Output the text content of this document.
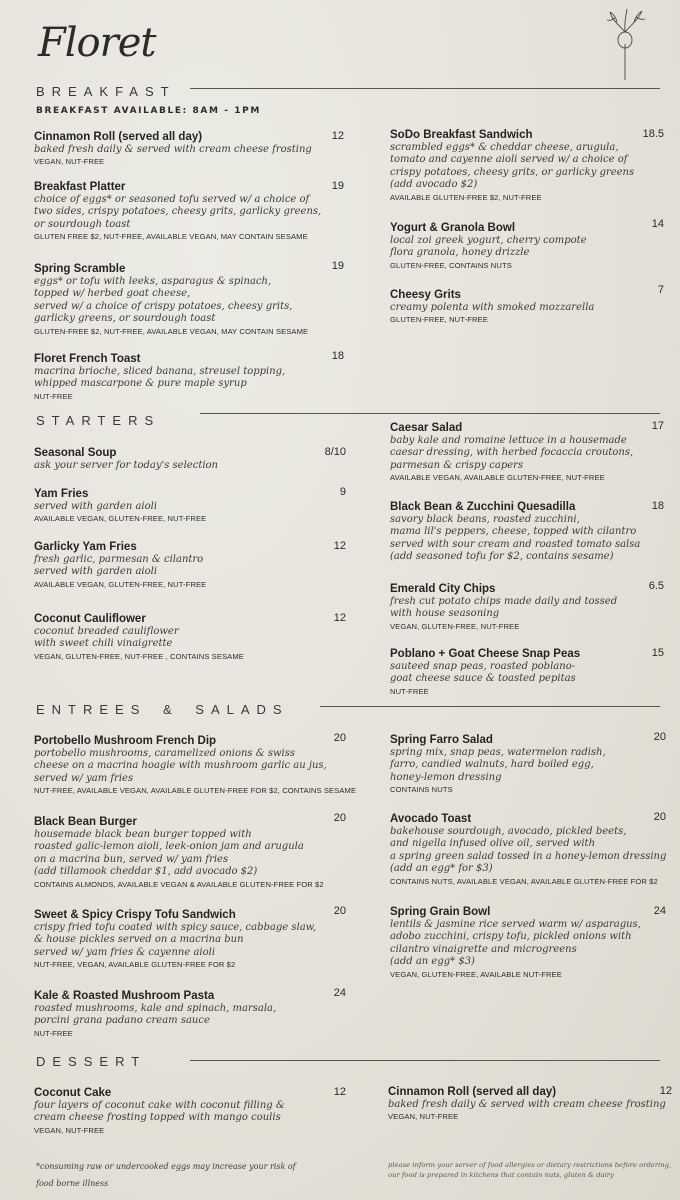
Floret
BREAKFAST
BREAKFAST AVAILABLE: 8AM - 1PM
Cinnamon Roll (served all day)
baked fresh daily & served with cream cheese frosting
VEGAN, NUT-FREE
12
Breakfast Platter
choice of eggs* or seasoned tofu served w/ a choice of
two sides, crispy potatoes, cheesy grits, garlicky greens,
or sourdough toast
GLUTEN FREE $2, NUT-FREE, AVAILABLE VEGAN, MAY CONTAIN SESAME
19
Spring Scramble
eggs* or tofu with leeks, asparagus & spinach,
topped w/ herbed goat cheese,
served w/ a choice of crispy potatoes, cheesy grits,
garlicky greens, or sourdough toast
GLUTEN-FREE $2, NUT-FREE, AVAILABLE VEGAN, MAY CONTAIN SESAME
19
Floret French Toast
macrina brioche, sliced banana, streusel topping,
whipped mascarpone & pure maple syrup
NUT-FREE
18
SoDo Breakfast Sandwich
scrambled eggs* & cheddar cheese, arugula,
tomato and cayenne aioli served w/ a choice of
crispy potatoes, cheesy grits, or garlicky greens
(add avocado $2)
AVAILABLE GLUTEN-FREE $2, NUT-FREE
18.5
Yogurt & Granola Bowl
local zoi greek yogurt, cherry compote
flora granola, honey drizzle
GLUTEN-FREE, CONTAINS NUTS
14
Cheesy Grits
creamy polenta with smoked mozzarella
GLUTEN-FREE, NUT-FREE
7
STARTERS
Seasonal Soup
ask your server for today's selection
8/10
Yam Fries
served with garden aioli
AVAILABLE VEGAN, GLUTEN-FREE, NUT-FREE
9
Garlicky Yam Fries
fresh garlic, parmesan & cilantro
served with garden aioli
AVAILABLE VEGAN, GLUTEN-FREE, NUT-FREE
12
Coconut Cauliflower
coconut breaded cauliflower
with sweet chili vinaigrette
VEGAN, GLUTEN-FREE, NUT-FREE , CONTAINS SESAME
12
Caesar Salad
baby kale and romaine lettuce in a housemade
caesar dressing, with herbed focaccia croutons,
parmesan & crispy capers
AVAILABLE VEGAN, AVAILABLE GLUTEN-FREE, NUT-FREE
17
Black Bean & Zucchini Quesadilla
savory black beans, roasted zucchini,
mama lil's peppers, cheese, topped with cilantro
served with sour cream and roasted tomato salsa
(add seasoned tofu for $2, contains sesame)
18
Emerald City Chips
fresh cut potato chips made daily and tossed
with house seasoning
VEGAN, GLUTEN-FREE, NUT-FREE
6.5
Poblano + Goat Cheese Snap Peas
sauteed snap peas, roasted poblano-
goat cheese sauce & toasted pepitas
NUT-FREE
15
ENTREES & SALADS
Portobello Mushroom French Dip
portobello mushrooms, caramelized onions & swiss
cheese on a macrina hoagie with mushroom garlic au jus,
served w/ yam fries
NUT-FREE, AVAILABLE VEGAN, AVAILABLE GLUTEN-FREE FOR $2, CONTAINS SESAME
20
Black Bean Burger
housemade black bean burger topped with
roasted galic-lemon aioli, leek-onion jam and arugula
on a macrina bun, served w/ yam fries
(add tillamook cheddar $1, add avocado $2)
CONTAINS ALMONDS, AVAILABLE VEGAN & AVAILABLE GLUTEN-FREE FOR $2
20
Sweet & Spicy Crispy Tofu Sandwich
crispy fried tofu coated with spicy sauce, cabbage slaw,
& house pickles served on a macrina bun
served w/ yam fries & cayenne aioli
NUT-FREE, VEGAN, AVAILABLE GLUTEN-FREE FOR $2
20
Kale & Roasted Mushroom Pasta
roasted mushrooms, kale and spinach, marsala,
porcini grana padano cream sauce
NUT-FREE
24
Spring Farro Salad
spring mix, snap peas, watermelon radish,
farro, candied walnuts, hard boiled egg,
honey-lemon dressing
CONTAINS NUTS
20
Avocado Toast
bakehouse sourdough, avocado, pickled beets,
and nigella infused olive oil, served with
a spring green salad tossed in a honey-lemon dressing
(add an egg* for $3)
CONTAINS NUTS, AVAILABLE VEGAN, AVAILABLE GLUTEN-FREE FOR $2
20
Spring Grain Bowl
lentils & jasmine rice served warm w/ asparagus,
adobo zucchini, crispy tofu, pickled onions with
cilantro vinaigrette and microgreens
(add an egg* $3)
VEGAN, GLUTEN-FREE, AVAILABLE NUT-FREE
24
DESSERT
Coconut Cake
four layers of coconut cake with coconut filling &
cream cheese frosting topped with mango coulis
VEGAN, NUT-FREE
12	Cinnamon Roll (served all day)
baked fresh daily & served with cream cheese frosting
VEGAN, NUT-FREE
12
*consuming raw or undercooked eggs may increase your risk of
food borne illness
please inform your server of food allergies or dietary restrictions before ordering,
our food is prepared in kitchens that contain nuts, gluten & dairy
